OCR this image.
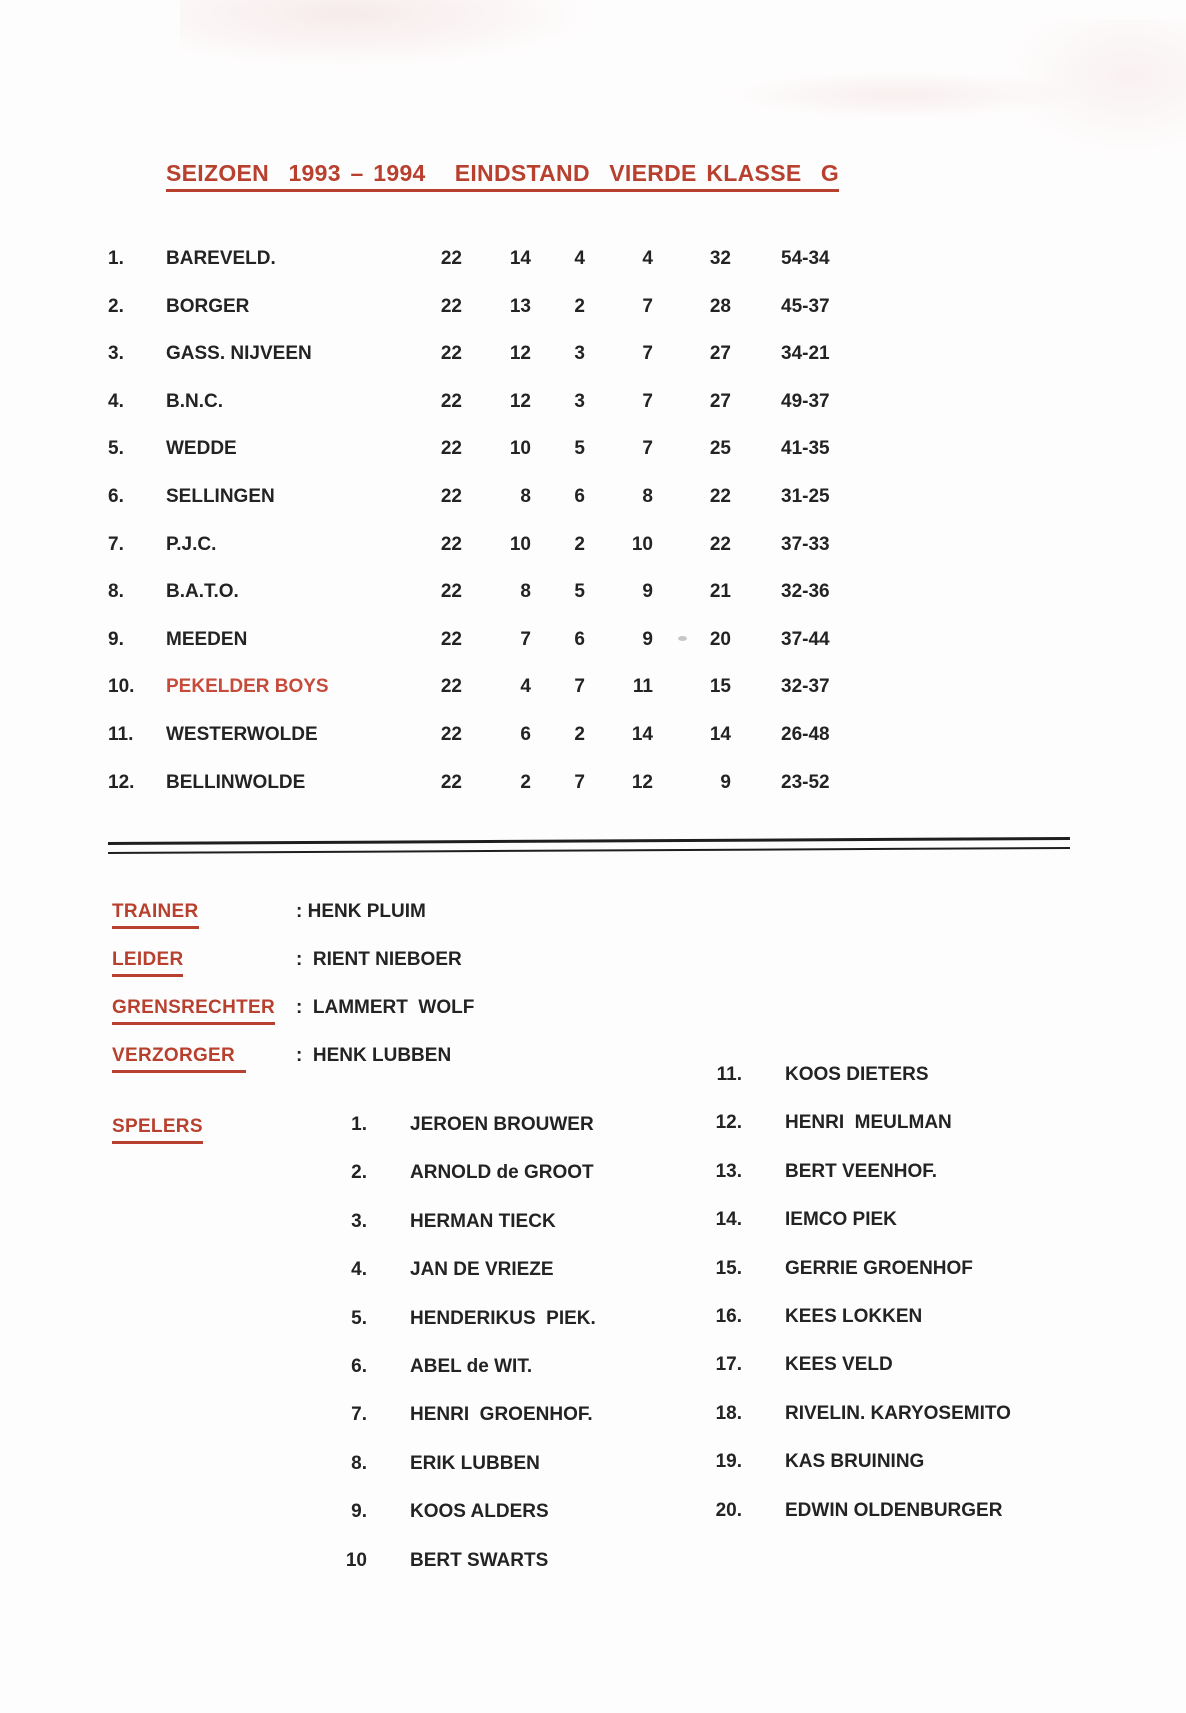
SEIZOEN  1993 – 1994   EINDSTAND  VIERDE KLASSE  G
1. BAREVELD.	22	14	4	4	32	54-34
2. BORGER	22	13	2	7	28	45-37
3. GASS. NIJVEEN	22	12	3	7	27	34-21
4. B.N.C.	22	12	3	7	27	49-37
5. WEDDE	22	10	5	7	25	41-35
6. SELLINGEN	22	8	6	8	22	31-25
7. P.J.C.	22	10	2	10	22	37-33
8. B.A.T.O.	22	8	5	9	21	32-36
9. MEEDEN	22	7	6	9	20	37-44
10. PEKELDER BOYS	22	4	7	11	15	32-37
11. WESTERWOLDE	22	6	2	14	14	26-48
12. BELLINWOLDE	22	2	7	12	9	23-52
TRAINER	: HENK PLUIM
LEIDER	:  RIENT NIEBOER
GRENSRECHTER :  LAMMERT  WOLF
VERZORGER	:  HENK LUBBEN
SPELERS	1. JEROEN BROUWER
2. ARNOLD de GROOT
3. HERMAN TIECK
4. JAN DE VRIEZE
5. HENDERIKUS  PIEK.
6. ABEL de WIT.
7. HENRI  GROENHOF.
8. ERIK LUBBEN
9. KOOS ALDERS
10 BERT SWARTS
11. KOOS DIETERS
12. HENRI  MEULMAN
13. BERT VEENHOF.
14. IEMCO PIEK
15. GERRIE GROENHOF
16. KEES LOKKEN
17. KEES VELD
18. RIVELIN. KARYOSEMITO
19. KAS BRUINING
20. EDWIN OLDENBURGER
